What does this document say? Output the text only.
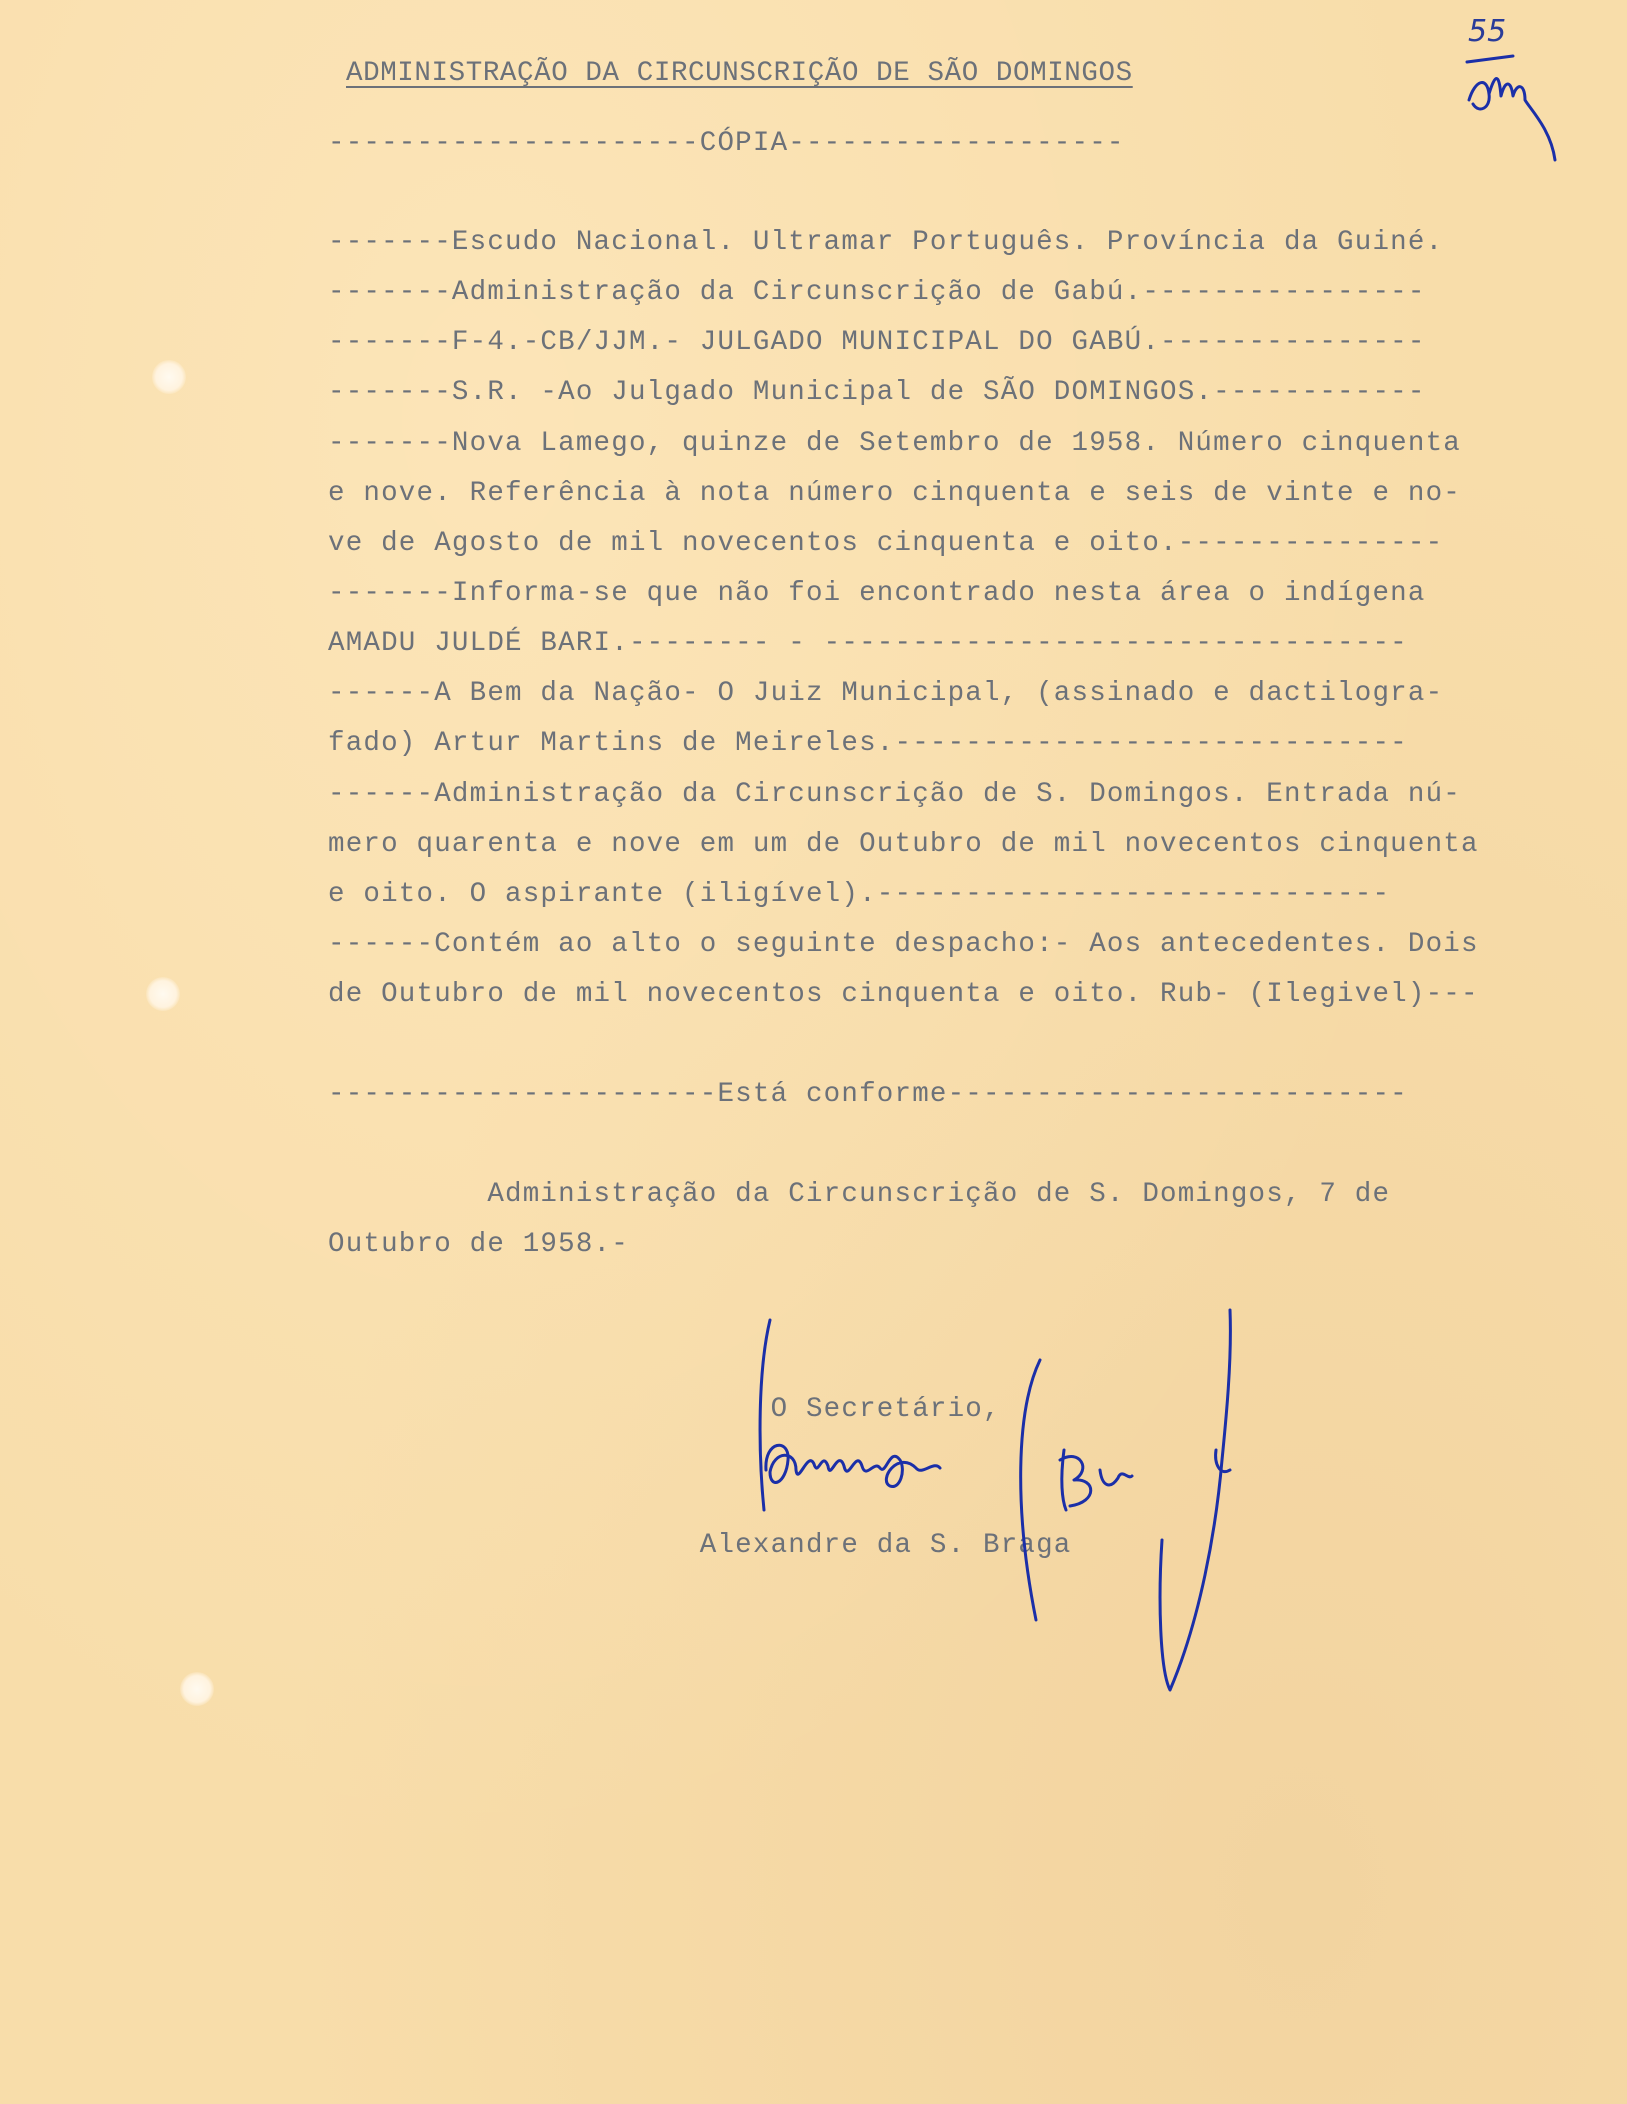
55
ADMINISTRAÇÃO DA CIRCUNSCRIÇÃO DE SÃO DOMINGOS
---------------------CÓPIA-------------------
-------Escudo Nacional. Ultramar Português. Província da Guiné.
-------Administração da Circunscrição de Gabú.----------------
-------F-4.-CB/JJM.- JULGADO MUNICIPAL DO GABÚ.---------------
-------S.R. -Ao Julgado Municipal de SÃO DOMINGOS.------------
-------Nova Lamego, quinze de Setembro de 1958. Número cinquenta
e nove. Referência à nota número cinquenta e seis de vinte e no-
ve de Agosto de mil novecentos cinquenta e oito.---------------
-------Informa-se que não foi encontrado nesta área o indígena
AMADU JULDÉ BARI.-------- - ---------------------------------
------A Bem da Nação- O Juiz Municipal, (assinado e dactilogra-
fado) Artur Martins de Meireles.-----------------------------
------Administração da Circunscrição de S. Domingos. Entrada nú-
mero quarenta e nove em um de Outubro de mil novecentos cinquenta
e oito. O aspirante (iligível).-----------------------------
------Contém ao alto o seguinte despacho:- Aos antecedentes. Dois
de Outubro de mil novecentos cinquenta e oito. Rub- (Ilegivel)---
----------------------Está conforme--------------------------
Administração da Circunscrição de S. Domingos, 7 de
Outubro de 1958.-
O Secretário,
Alexandre da S. Braga
